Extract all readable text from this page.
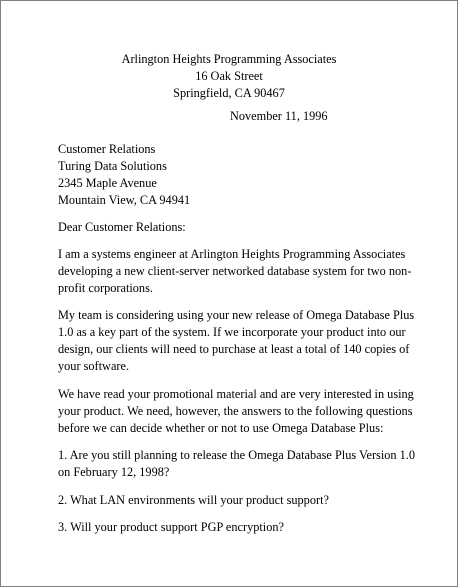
Arlington Heights Programming Associates
16 Oak Street
Springfield, CA 90467
November 11, 1996
Customer Relations
Turing Data Solutions
2345 Maple Avenue
Mountain View, CA 94941
Dear Customer Relations:
I am a systems engineer at Arlington Heights Programming Associates
developing a new client-server networked database system for two non-
profit corporations.
My team is considering using your new release of Omega Database Plus
1.0 as a key part of the system. If we incorporate your product into our
design, our clients will need to purchase at least a total of 140 copies of
your software.
We have read your promotional material and are very interested in using
your product. We need, however, the answers to the following questions
before we can decide whether or not to use Omega Database Plus:
1. Are you still planning to release the Omega Database Plus Version 1.0
on February 12, 1998?
2. What LAN environments will your product support?
3. Will your product support PGP encryption?
